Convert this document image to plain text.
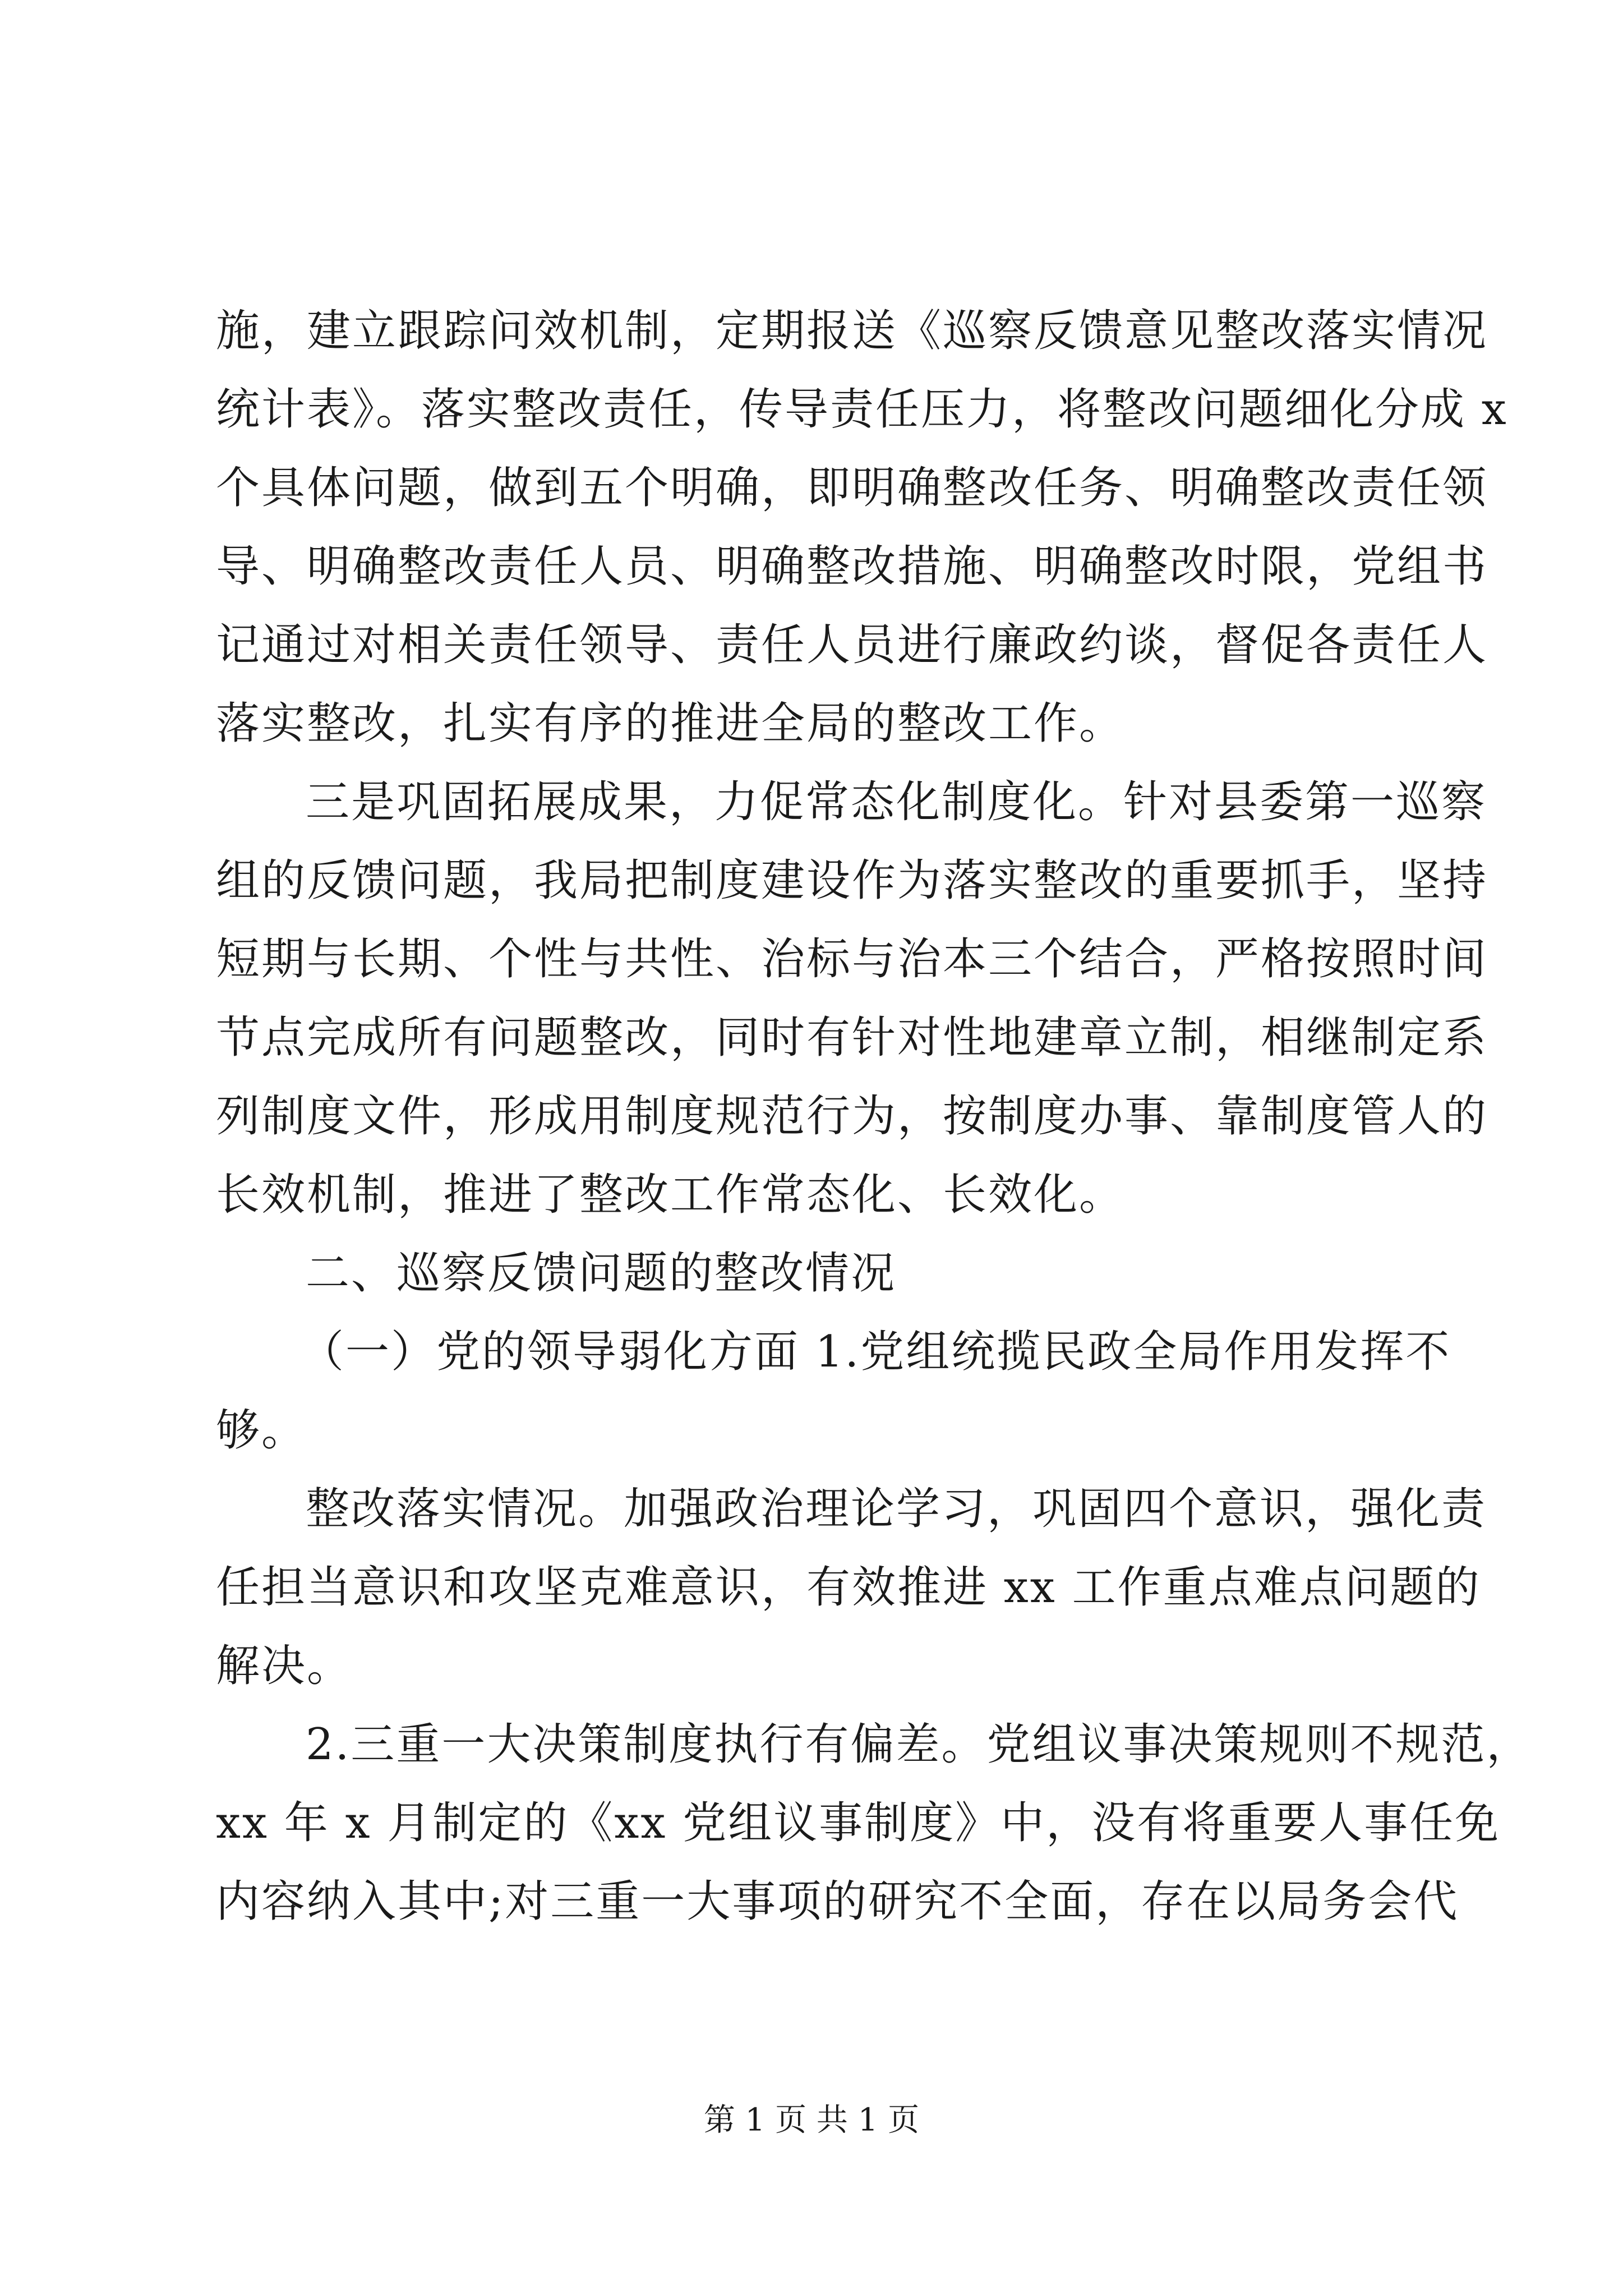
施，建立跟踪问效机制，定期报送《巡察反馈意见整改落实情况
统计表》。落实整改责任，传导责任压力，将整改问题细化分成 x
个具体问题，做到五个明确，即明确整改任务、明确整改责任领
导、明确整改责任人员、明确整改措施、明确整改时限，党组书
记通过对相关责任领导、责任人员进行廉政约谈，督促各责任人
落实整改，扎实有序的推进全局的整改工作。
三是巩固拓展成果，力促常态化制度化。针对县委第一巡察
组的反馈问题，我局把制度建设作为落实整改的重要抓手，坚持
短期与长期、个性与共性、治标与治本三个结合，严格按照时间
节点完成所有问题整改，同时有针对性地建章立制，相继制定系
列制度文件，形成用制度规范行为，按制度办事、靠制度管人的
长效机制，推进了整改工作常态化、长效化。
二、巡察反馈问题的整改情况
（一）党的领导弱化方面 1.党组统揽民政全局作用发挥不
够。
整改落实情况。加强政治理论学习，巩固四个意识，强化责
任担当意识和攻坚克难意识，有效推进 xx 工作重点难点问题的
解决。
2.三重一大决策制度执行有偏差。党组议事决策规则不规范，
xx 年 x 月制定的《xx 党组议事制度》中，没有将重要人事任免
内容纳入其中;对三重一大事项的研究不全面，存在以局务会代
第 1 页 共 1 页
